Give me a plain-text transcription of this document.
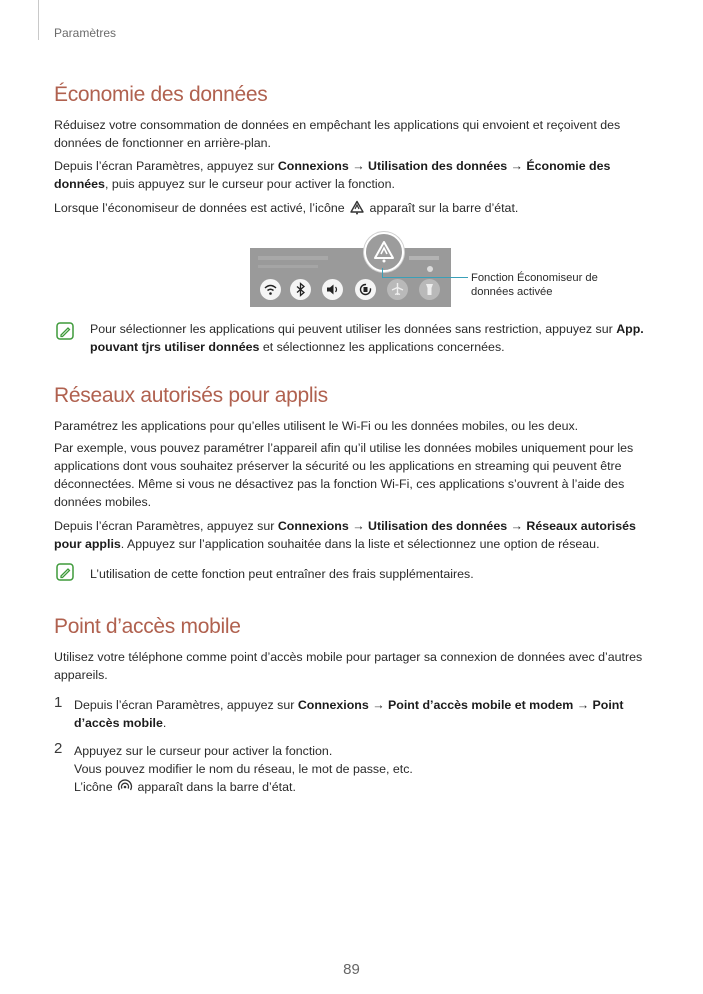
Paramètres
Économie des données

Réduisez votre consommation de données en empêchant les applications qui envoient et reçoivent des données de fonctionner en arrière-plan.

Depuis l’écran Paramètres, appuyez sur Connexions → Utilisation des données → Économie des données, puis appuyez sur le curseur pour activer la fonction.

Lorsque l’économiseur de données est activé, l’icône  apparaît sur la barre d’état.

Fonction Économiseur de données activée

Pour sélectionner les applications qui peuvent utiliser les données sans restriction, appuyez sur App. pouvant tjrs utiliser données et sélectionnez les applications concernées.

Réseaux autorisés pour applis

Paramétrez les applications pour qu’elles utilisent le Wi-Fi ou les données mobiles, ou les deux.

Par exemple, vous pouvez paramétrer l’appareil afin qu’il utilise les données mobiles uniquement pour les applications dont vous souhaitez préserver la sécurité ou les applications en streaming qui peuvent être déconnectées. Même si vous ne désactivez pas la fonction Wi-Fi, ces applications s’ouvrent à l’aide des données mobiles.

Depuis l’écran Paramètres, appuyez sur Connexions → Utilisation des données → Réseaux autorisés pour applis. Appuyez sur l’application souhaitée dans la liste et sélectionnez une option de réseau.

L’utilisation de cette fonction peut entraîner des frais supplémentaires.

Point d’accès mobile

Utilisez votre téléphone comme point d’accès mobile pour partager sa connexion de données avec d’autres appareils.

1 Depuis l’écran Paramètres, appuyez sur Connexions → Point d’accès mobile et modem → Point d’accès mobile.

2 Appuyez sur le curseur pour activer la fonction.
Vous pouvez modifier le nom du réseau, le mot de passe, etc.
L’icône  apparaît dans la barre d’état.

89
